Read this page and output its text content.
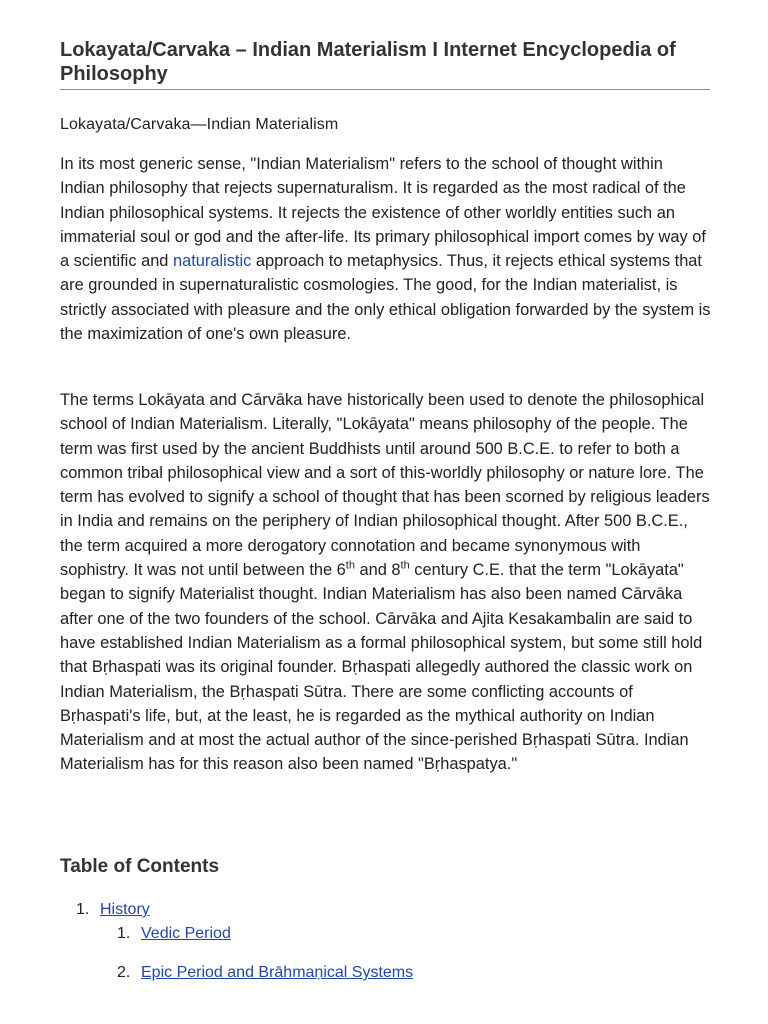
Lokayata/Carvaka – Indian Materialism I Internet Encyclopedia of Philosophy

Lokayata/Carvaka—Indian Materialism

In its most generic sense, "Indian Materialism" refers to the school of thought within Indian philosophy that rejects supernaturalism. It is regarded as the most radical of the Indian philosophical systems. It rejects the existence of other worldly entities such an immaterial soul or god and the after-life. Its primary philosophical import comes by way of a scientific and naturalistic approach to metaphysics. Thus, it rejects ethical systems that are grounded in supernaturalistic cosmologies. The good, for the Indian materialist, is strictly associated with pleasure and the only ethical obligation forwarded by the system is the maximization of one's own pleasure.

The terms Lokāyata and Cārvāka have historically been used to denote the philosophical school of Indian Materialism. Literally, "Lokāyata" means philosophy of the people. The term was first used by the ancient Buddhists until around 500 B.C.E. to refer to both a common tribal philosophical view and a sort of this-worldly philosophy or nature lore. The term has evolved to signify a school of thought that has been scorned by religious leaders in India and remains on the periphery of Indian philosophical thought. After 500 B.C.E., the term acquired a more derogatory connotation and became synonymous with sophistry. It was not until between the 6th and 8th century C.E. that the term "Lokāyata" began to signify Materialist thought. Indian Materialism has also been named Cārvāka after one of the two founders of the school. Cārvāka and Ajita Kesakambalin are said to have established Indian Materialism as a formal philosophical system, but some still hold that Bṛhaspati was its original founder. Bṛhaspati allegedly authored the classic work on Indian Materialism, the Bṛhaspati Sūtra. There are some conflicting accounts of Bṛhaspati's life, but, at the least, he is regarded as the mythical authority on Indian Materialism and at most the actual author of the since-perished Bṛhaspati Sūtra. Indian Materialism has for this reason also been named "Bṛhaspatya."

Table of Contents
1. History
1. Vedic Period
2. Epic Period and Brāhmaṇical Systems
